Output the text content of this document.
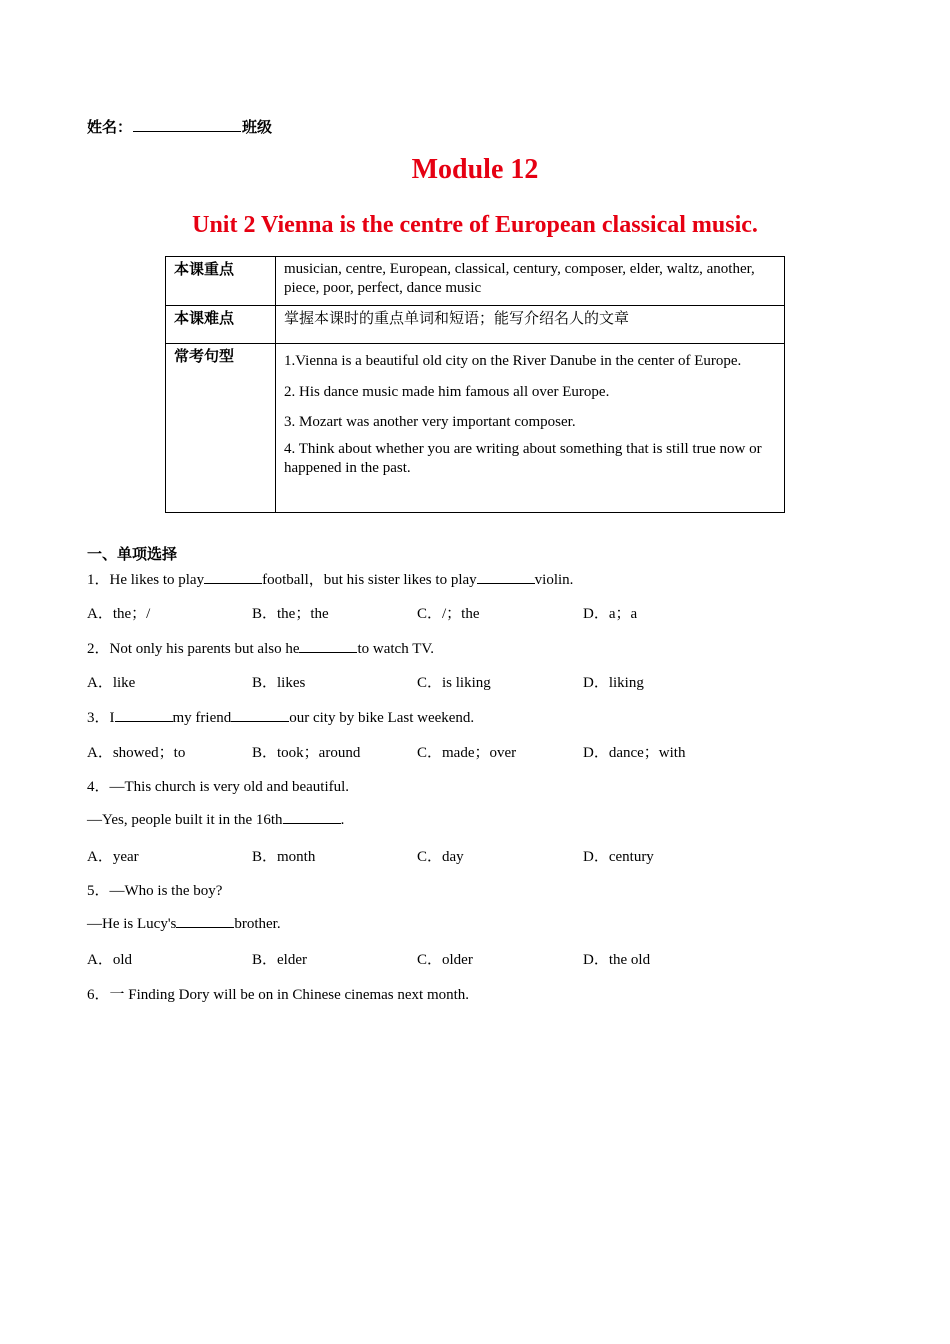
姓名：	班级
Module 12
Unit 2 Vienna is the centre of European classical music.
本课重点	musician, centre, European, classical, century, composer, elder, waltz, another, piece, poor, perfect, dance music
本课难点	掌握本课时的重点单词和短语；能写介绍名人的文章
常考句型	1.Vienna is a beautiful old city on the River Danube in the center of Europe.

2. His dance music made him famous all over Europe.

3. Mozart was another very important composer.

4. Think about whether you are writing about something that is still true now or happened in the past.

一、单项选择
1．He likes to play	football，but his sister likes to play	violin.
A．the；/	B．the；the	C．/；the	D．a；a
2．Not only his parents but also he	to watch TV.
A．like	B．likes	C．is liking	D．liking
3．I	my friend	our city by bike Last weekend.
A．showed；to	B．took；around	C．made；over	D．dance；with
4．—This church is very old and beautiful.
—Yes, people built it in the 16th	.
A．year	B．month	C．day	D．century
5．—Who is the boy?
—He is Lucy's	brother.
A．old	B．elder	C．older	D．the old
6．一 Finding Dory will be on in Chinese cinemas next month.
